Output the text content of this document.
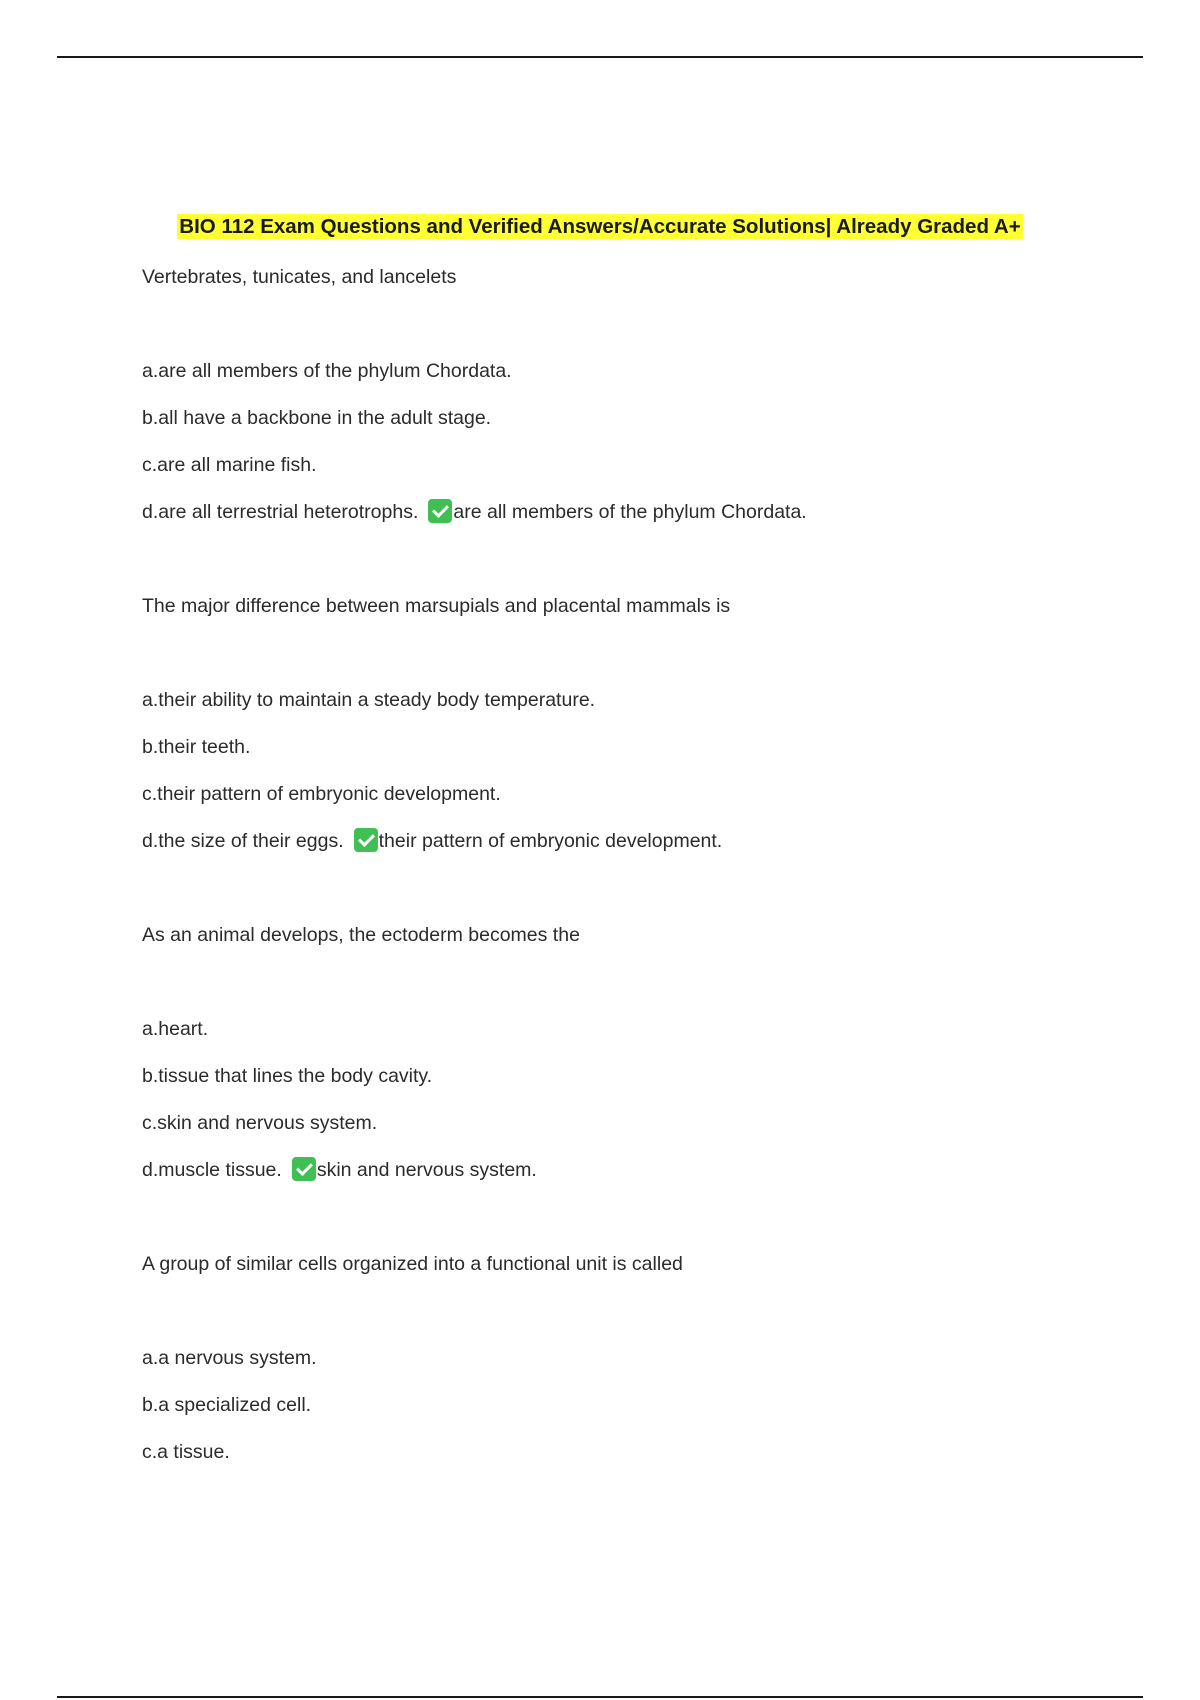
BIO 112 Exam Questions and Verified Answers/Accurate Solutions| Already Graded A+

Vertebrates, tunicates, and lancelets

a.are all members of the phylum Chordata.

b.all have a backbone in the adult stage.

c.are all marine fish.

d.are all terrestrial heterotrophs. are all members of the phylum Chordata.

The major difference between marsupials and placental mammals is

a.their ability to maintain a steady body temperature.

b.their teeth.

c.their pattern of embryonic development.

d.the size of their eggs. their pattern of embryonic development.

As an animal develops, the ectoderm becomes the

a.heart.

b.tissue that lines the body cavity.

c.skin and nervous system.

d.muscle tissue. skin and nervous system.

A group of similar cells organized into a functional unit is called

a.a nervous system.

b.a specialized cell.

c.a tissue.
